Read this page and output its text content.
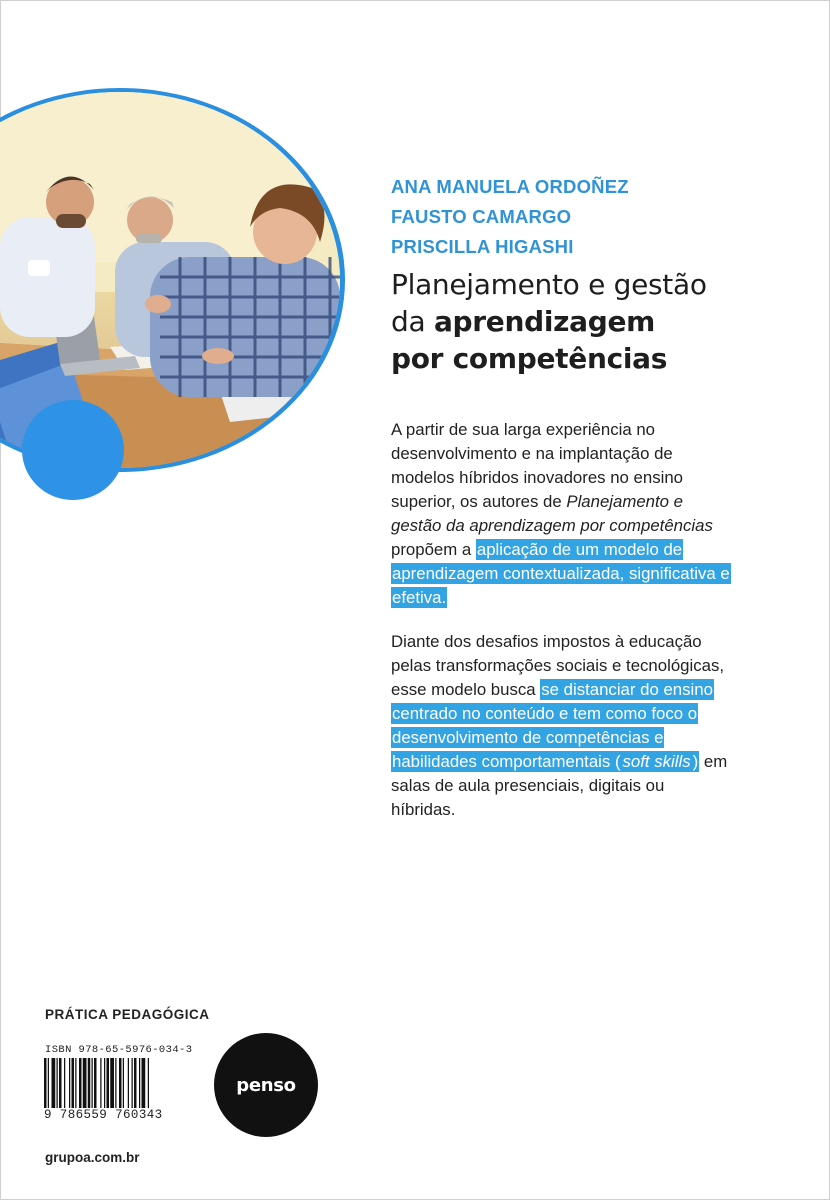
ANA MANUELA ORDOÑEZ
FAUSTO CAMARGO
PRISCILLA HIGASHI
Planejamento e gestão
da aprendizagem
por competências

A partir de sua larga experiência no desenvolvimento e na implantação de modelos híbridos inovadores no ensino superior, os autores de Planejamento e gestão da aprendizagem por competências propõem a aplicação de um modelo de aprendizagem contextualizada, significativa e efetiva.

Diante dos desafios impostos à educação pelas transformações sociais e tecnológicas, esse modelo busca se distanciar do ensino centrado no conteúdo e tem como foco o desenvolvimento de competências e habilidades comportamentais ( soft skills ) em salas de aula presenciais, digitais ou híbridas.

PRÁTICA PEDAGÓGICA
ISBN 978-65-5976-034-3
9 786559 760343
penso
grupoa.com.br
